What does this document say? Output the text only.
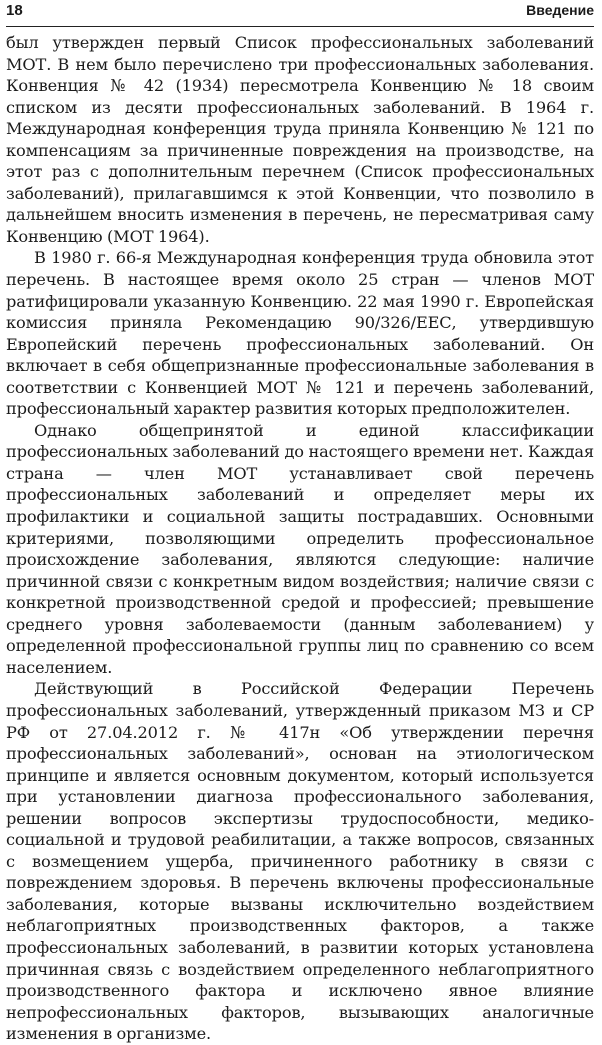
18	Введение

был утвержден первый Список профессиональных заболеваний МОТ. В нем было перечислено три профессиональных заболевания. Конвенция № 42 (1934) пересмотрела Конвенцию № 18 своим списком из десяти профессиональных заболеваний. В 1964 г. Международная конференция труда приняла Конвенцию № 121 по компенсациям за причиненные повреждения на производстве, на этот раз с дополнительным перечнем (Список профессиональных заболеваний), прилагавшимся к этой Конвенции, что позволило в дальнейшем вносить изменения в перечень, не пересматривая саму Конвенцию (МОТ 1964).

В 1980 г. 66-я Международная конференция труда обновила этот перечень. В настоящее время около 25 стран — членов МОТ ратифицировали указанную Конвенцию. 22 мая 1990 г. Европейская комиссия приняла Рекомендацию 90/326/ЕЕС, утвердившую Европейский перечень профессиональных заболеваний. Он включает в себя общепризнанные профессиональные заболевания в соответствии с Конвенцией МОТ № 121 и перечень заболеваний, профессиональный характер развития которых предположителен.

Однако общепринятой и единой классификации профессиональных заболеваний до настоящего времени нет. Каждая страна — член МОТ устанавливает свой перечень профессиональных заболеваний и определяет меры их профилактики и социальной защиты пострадавших. Основными критериями, позволяющими определить профессиональное происхождение заболевания, являются следующие: наличие причинной связи с конкретным видом воздействия; наличие связи с конкретной производственной средой и профессией; превышение среднего уровня заболеваемости (данным заболеванием) у определенной профессиональной группы лиц по сравнению со всем населением.

Действующий в Российской Федерации Перечень профессиональных заболеваний, утвержденный приказом МЗ и СР РФ от 27.04.2012 г. № 417н «Об утверждении перечня профессиональных заболеваний», основан на этиологическом принципе и является основным документом, который используется при установлении диагноза профессионального заболевания, решении вопросов экспертизы трудоспособности, медико-социальной и трудовой реабилитации, а также вопросов, связанных с возмещением ущерба, причиненного работнику в связи с повреждением здоровья. В перечень включены профессиональные заболевания, которые вызваны исключительно воздействием неблагоприятных производственных факторов, а также профессиональных заболеваний, в развитии которых установлена причинная связь с воздействием определенного неблагоприятного производственного фактора и исключено явное влияние непрофессиональных факторов, вызывающих аналогичные изменения в организме.
